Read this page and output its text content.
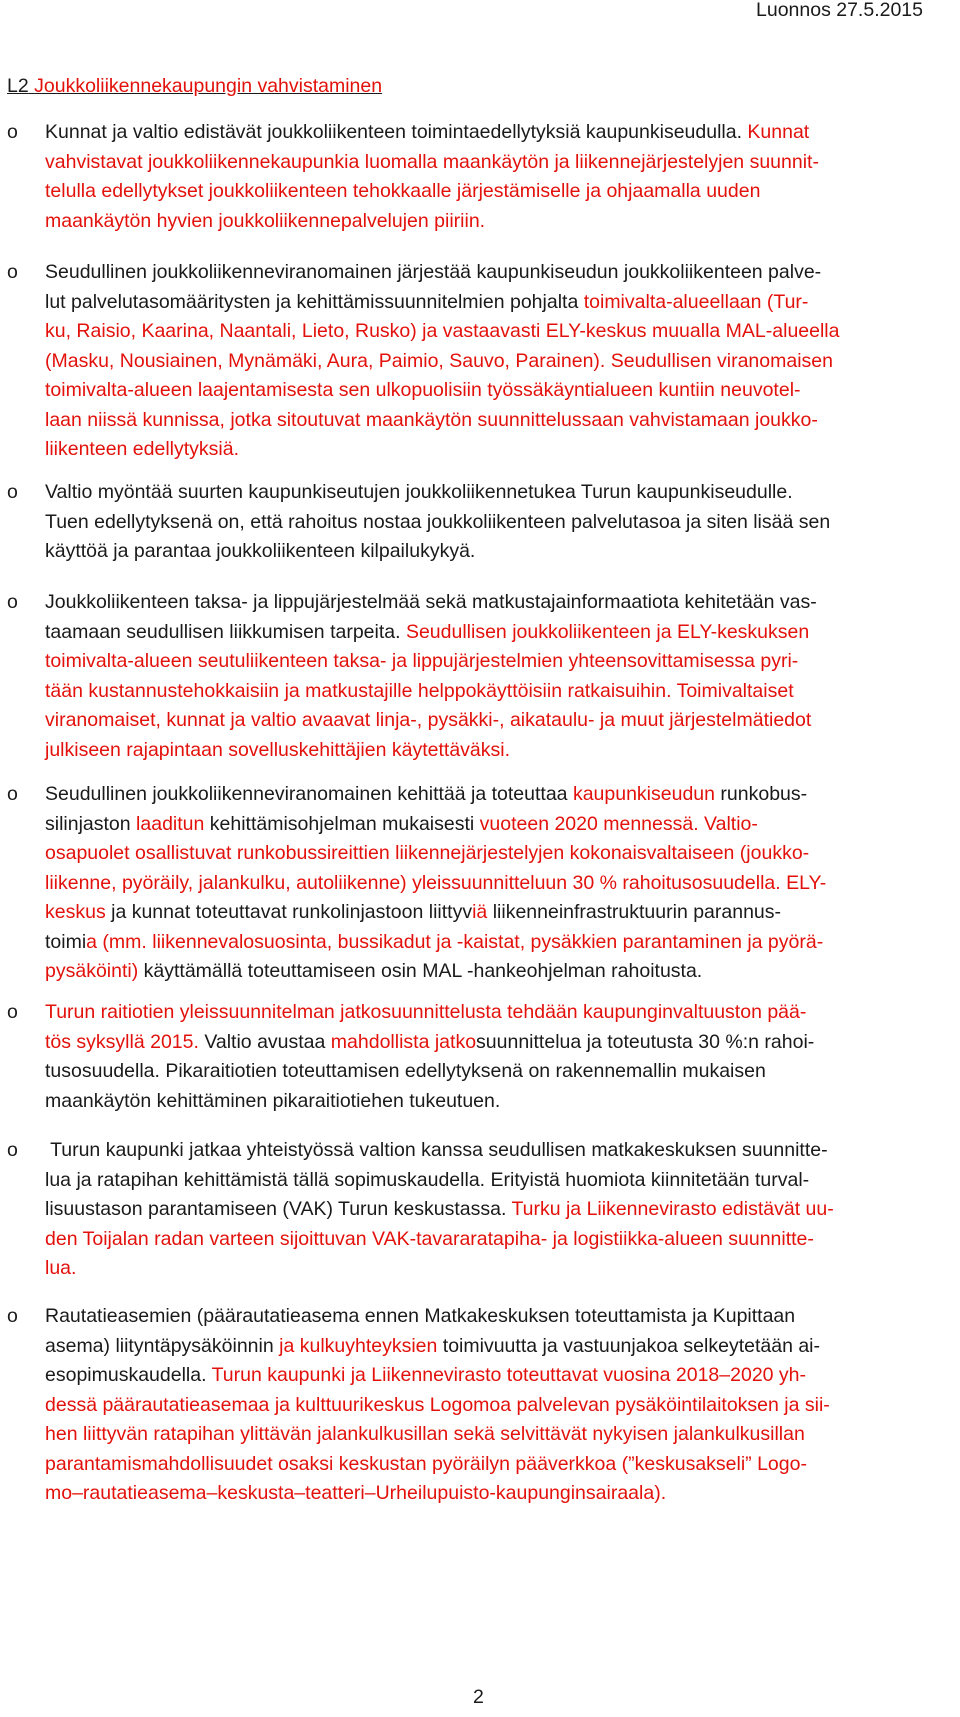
Luonnos 27.5.2015
L2 Joukkoliikennekaupungin vahvistaminen
o Kunnat ja valtio edistävät joukkoliikenteen toimintaedellytyksiä kaupunkiseudulla. Kunnat
vahvistavat joukkoliikennekaupunkia luomalla maankäytön ja liikennejärjestelyjen suunnit-
telulla edellytykset joukkoliikenteen tehokkaalle järjestämiselle ja ohjaamalla uuden
maankäytön hyvien joukkoliikennepalvelujen piiriin.
o Seudullinen joukkoliikenneviranomainen järjestää kaupunkiseudun joukkoliikenteen palve-
lut palvelutasomääritysten ja kehittämissuunnitelmien pohjalta toimivalta-alueellaan (Tur-
ku, Raisio, Kaarina, Naantali, Lieto, Rusko) ja vastaavasti ELY-keskus muualla MAL-alueella
(Masku, Nousiainen, Mynämäki, Aura, Paimio, Sauvo, Parainen). Seudullisen viranomaisen
toimivalta-alueen laajentamisesta sen ulkopuolisiin työssäkäyntialueen kuntiin neuvotel-
laan niissä kunnissa, jotka sitoutuvat maankäytön suunnittelussaan vahvistamaan joukko-
liikenteen edellytyksiä.
o Valtio myöntää suurten kaupunkiseutujen joukkoliikennetukea Turun kaupunkiseudulle.
Tuen edellytyksenä on, että rahoitus nostaa joukkoliikenteen palvelutasoa ja siten lisää sen
käyttöä ja parantaa joukkoliikenteen kilpailukykyä.
o Joukkoliikenteen taksa- ja lippujärjestelmää sekä matkustajainformaatiota kehitetään vas-
taamaan seudullisen liikkumisen tarpeita. Seudullisen joukkoliikenteen ja ELY-keskuksen
toimivalta-alueen seutuliikenteen taksa- ja lippujärjestelmien yhteensovittamisessa pyri-
tään kustannustehokkaisiin ja matkustajille helppokäyttöisiin ratkaisuihin. Toimivaltaiset
viranomaiset, kunnat ja valtio avaavat linja-, pysäkki-, aikataulu- ja muut järjestelmätiedot
julkiseen rajapintaan sovelluskehittäjien käytettäväksi.
o Seudullinen joukkoliikenneviranomainen kehittää ja toteuttaa kaupunkiseudun runkobus-
silinjaston laaditun kehittämisohjelman mukaisesti vuoteen 2020 mennessä. Valtio-
osapuolet osallistuvat runkobussireittien liikennejärjestelyjen kokonaisvaltaiseen (joukko-
liikenne, pyöräily, jalankulku, autoliikenne) yleissuunnitteluun 30 % rahoitusosuudella. ELY-
keskus ja kunnat toteuttavat runkolinjastoon liittyviä liikenneinfrastruktuurin parannus-
toimia (mm. liikennevalosuosinta, bussikadut ja -kaistat, pysäkkien parantaminen ja pyörä-
pysäköinti) käyttämällä toteuttamiseen osin MAL -hankeohjelman rahoitusta.
o Turun raitiotien yleissuunnitelman jatkosuunnittelusta tehdään kaupunginvaltuuston pää-
tös syksyllä 2015. Valtio avustaa mahdollista jatkosuunnittelua ja toteutusta 30 %:n rahoi-
tusosuudella. Pikaraitiotien toteuttamisen edellytyksenä on rakennemallin mukaisen
maankäytön kehittäminen pikaraitiotiehen tukeutuen.
o Turun kaupunki jatkaa yhteistyössä valtion kanssa seudullisen matkakeskuksen suunnitte-
lua ja ratapihan kehittämistä tällä sopimuskaudella. Erityistä huomiota kiinnitetään turval-
lisuustason parantamiseen (VAK) Turun keskustassa. Turku ja Liikennevirasto edistävät uu-
den Toijalan radan varteen sijoittuvan VAK-tavararatapiha- ja logistiikka-alueen suunnitte-
lua.
o Rautatieasemien (päärautatieasema ennen Matkakeskuksen toteuttamista ja Kupittaan
asema) liityntäpysäköinnin ja kulkuyhteyksien toimivuutta ja vastuunjakoa selkeytetään ai-
esopimuskaudella. Turun kaupunki ja Liikennevirasto toteuttavat vuosina 2018–2020 yh-
dessä päärautatieasemaa ja kulttuurikeskus Logomoa palvelevan pysäköintilaitoksen ja sii-
hen liittyvän ratapihan ylittävän jalankulkusillan sekä selvittävät nykyisen jalankulkusillan
parantamismahdollisuudet osaksi keskustan pyöräilyn pääverkkoa (”keskusakseli” Logo-
mo–rautatieasema–keskusta–teatteri–Urheilupuisto-kaupunginsairaala).
2
